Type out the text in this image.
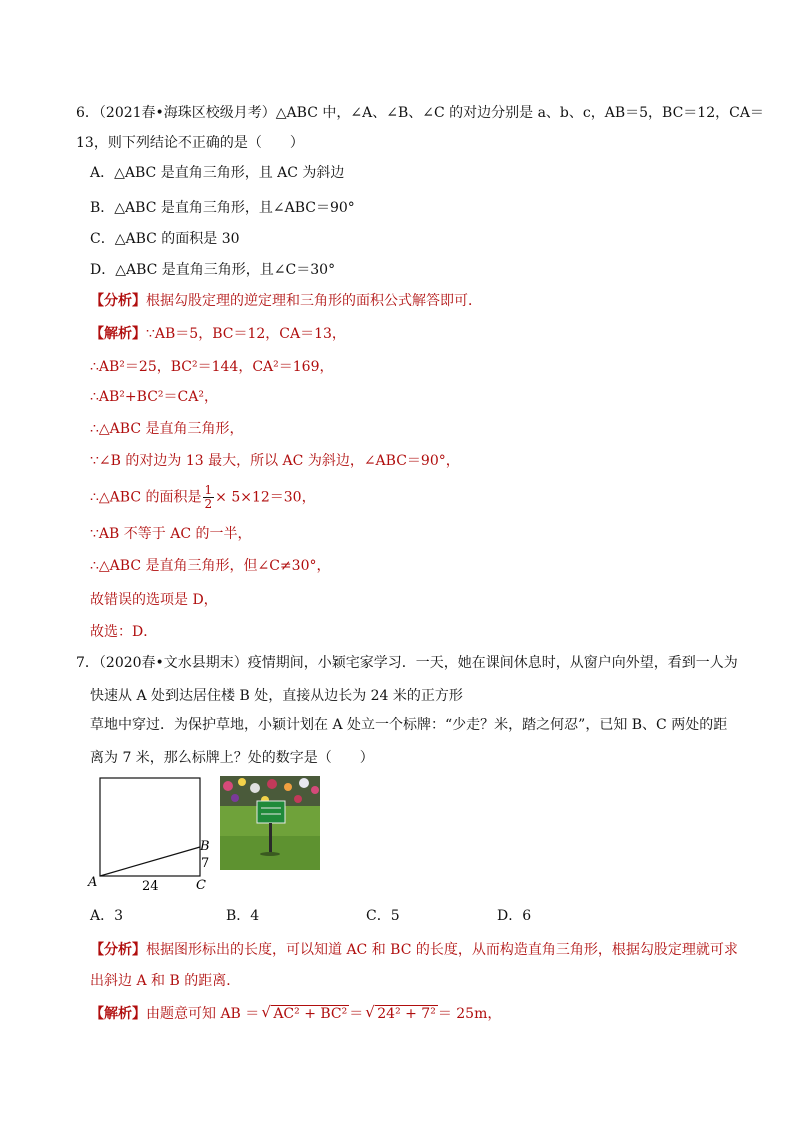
6．（2021春•海珠区校级月考）△ABC 中，∠A、∠B、∠C 的对边分别是 a、b、c，AB＝5，BC＝12，CA＝
13，则下列结论不正确的是（　　）
A．△ABC 是直角三角形，且 AC 为斜边
B．△ABC 是直角三角形，且∠ABC＝90°
C．△ABC 的面积是 30
D．△ABC 是直角三角形，且∠C＝30°
【分析】根据勾股定理的逆定理和三角形的面积公式解答即可．
【解析】∵AB＝5，BC＝12，CA＝13，
∴AB²＝25，BC²＝144，CA²＝169，
∴AB²+BC²＝CA²，
∴△ABC 是直角三角形，
∵∠B 的对边为 13 最大，所以 AC 为斜边，∠ABC＝90°，
∴△ABC 的面积是 $\frac{1}{2} \times 5\times 12=30$，
∵AB 不等于 AC 的一半，
∴△ABC 是直角三角形，但∠C≠30°，
故错误的选项是 D，
故选：D．
7．（2020春•文水县期末）疫情期间，小颖宅家学习．一天，她在课间休息时，从窗户向外望，看到一人为
快速从 A 处到达居住楼 B 处，直接从边长为 24 米的正方形
草地中穿过．为保护草地，小颖计划在 A 处立一个标牌：“少走？米，踏之何忍”，已知 B、C 两处的距
离为 7 米，那么标牌上？处的数字是（　　）
A
B
C
24
7
A．3	B．4	C．5	D．6
【分析】根据图形标出的长度，可以知道 AC 和 BC 的长度，从而构造直角三角形，根据勾股定理就可求
出斜边 A 和 B 的距离．
【解析】由题意可知 AB ＝ √ AC² + BC² ＝ √ 24² + 7² ＝ 25m，
